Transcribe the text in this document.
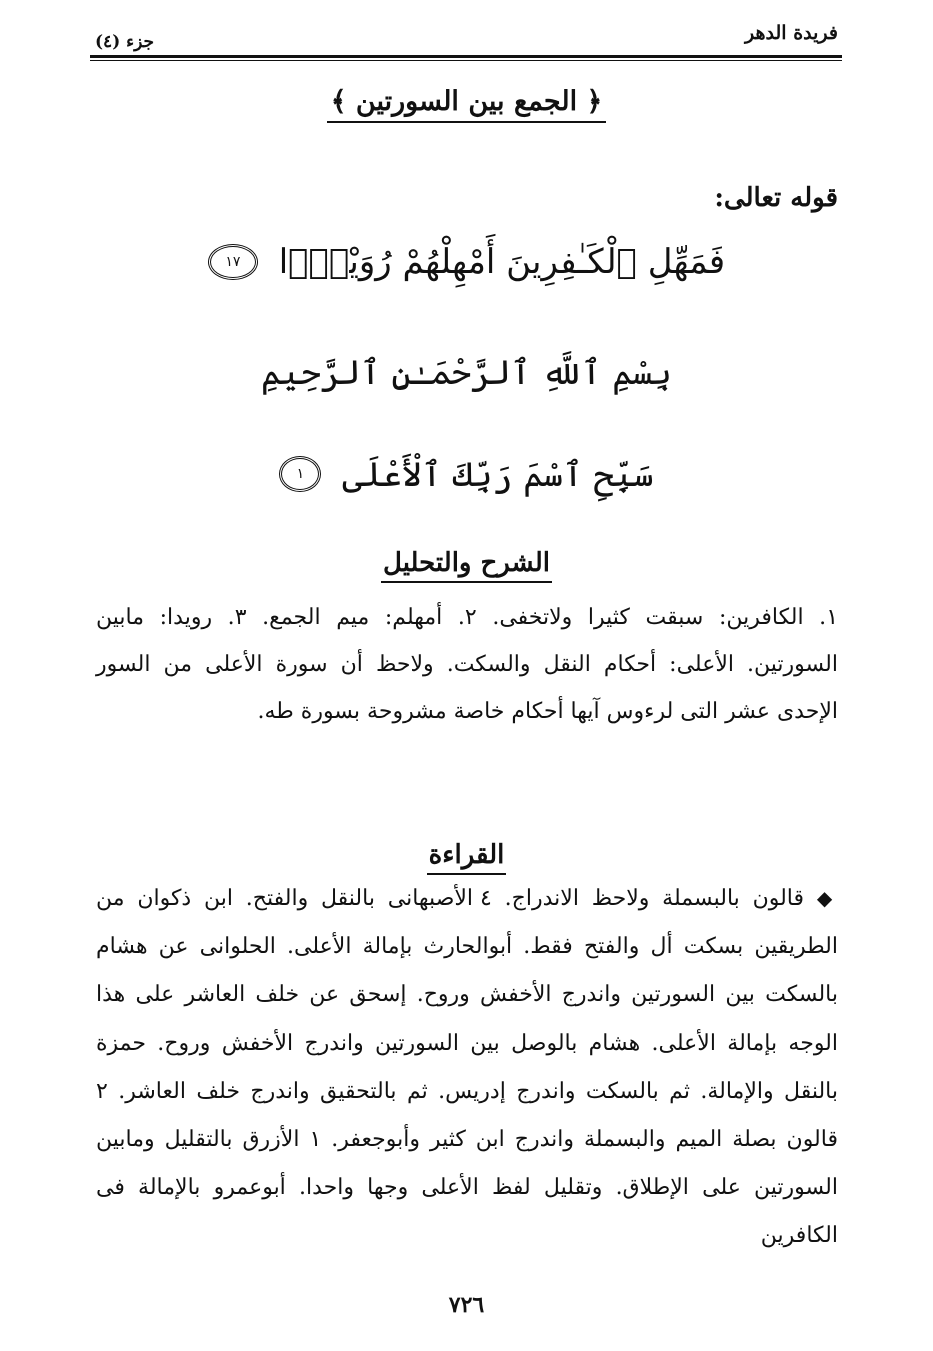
فريدة الدهر
جزء (٤)
﴿ الجمع بين السورتين ﴾
قوله تعالى:
فَمَهِّلِ ٱلْكَـٰفِرِينَ أَمْهِلْهُمْ رُوَيْدًۢا ١٧
بِسْمِ ٱللَّهِ ٱلرَّحْمَـٰنِ ٱلرَّحِيمِ
سَبِّحِ ٱسْمَ رَبِّكَ ٱلْأَعْلَى ١
الشرح والتحليل

١. الكافرين: سبقت كثيرا ولاتخفى. ٢. أمهلم: ميم الجمع. ٣. رويدا: مابين السورتين. الأعلى: أحكام النقل والسكت. ولاحظ أن سورة الأعلى من السور الإحدى عشر التى لرءوس آيها أحكام خاصة مشروحة بسورة طه.

القراءة

◆ قالون بالبسملة ولاحظ الاندراج. ٤ الأصبهانى بالنقل والفتح. ابن ذكوان من الطريقين بسكت أل والفتح فقط. أبوالحارث بإمالة الأعلى. الحلوانى عن هشام بالسكت بين السورتين واندرج الأخفش وروح. إسحق عن خلف العاشر على هذا الوجه بإمالة الأعلى. هشام بالوصل بين السورتين واندرج الأخفش وروح. حمزة بالنقل والإمالة. ثم بالسكت واندرج إدريس. ثم بالتحقيق واندرج خلف العاشر. ٢ قالون بصلة الميم والبسملة واندرج ابن كثير وأبوجعفر. ١ الأزرق بالتقليل ومابين السورتين على الإطلاق. وتقليل لفظ الأعلى وجها واحدا. أبوعمرو بالإمالة فى الكافرين

٧٢٦
